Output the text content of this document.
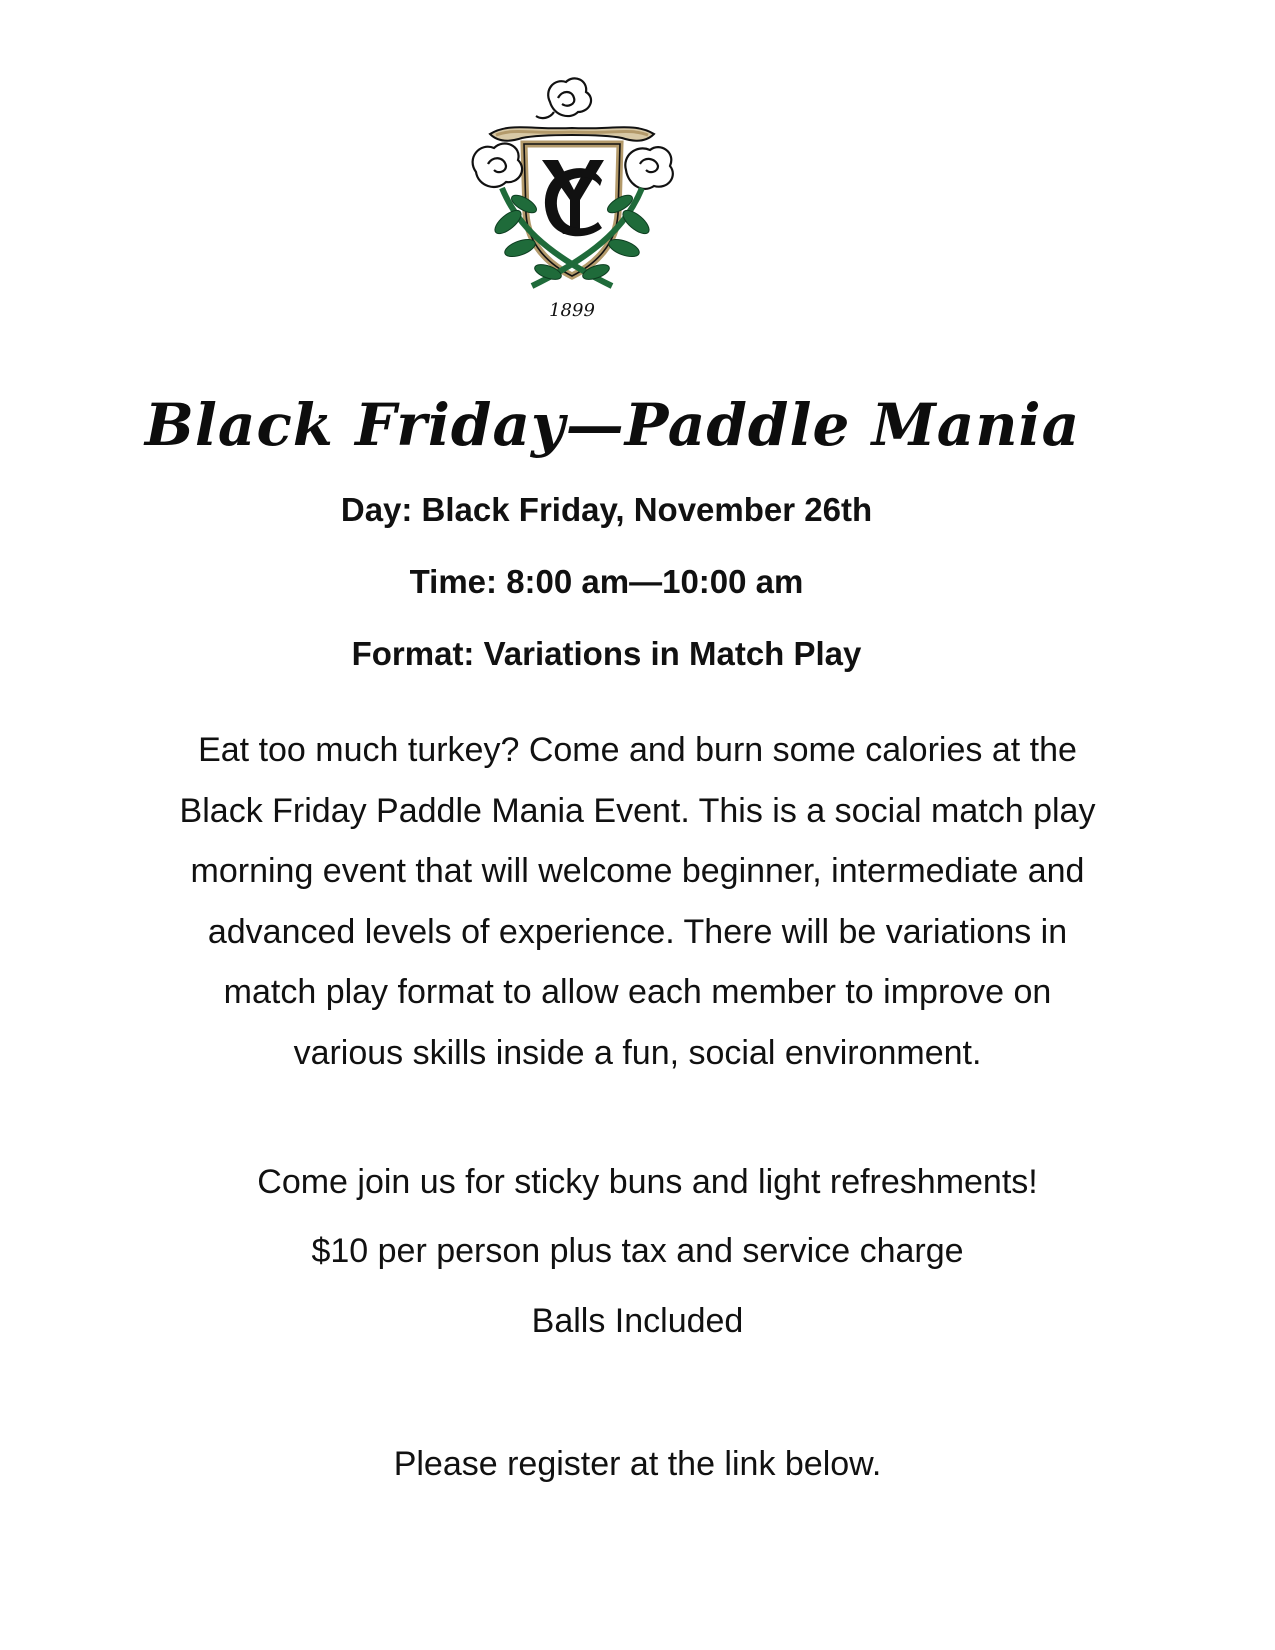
1899
Black Friday—Paddle Mania

Day: Black Friday, November 26th

Time: 8:00 am—10:00 am

Format: Variations in Match Play

Eat too much turkey? Come and burn some calories at the
Black Friday Paddle Mania Event. This is a social match play
morning event that will welcome beginner, intermediate and
advanced levels of experience. There will be variations in
match play format to allow each member to improve on
various skills inside a fun, social environment.

Come join us for sticky buns and light refreshments!

$10 per person plus tax and service charge

Balls Included

Please register at the link below.
